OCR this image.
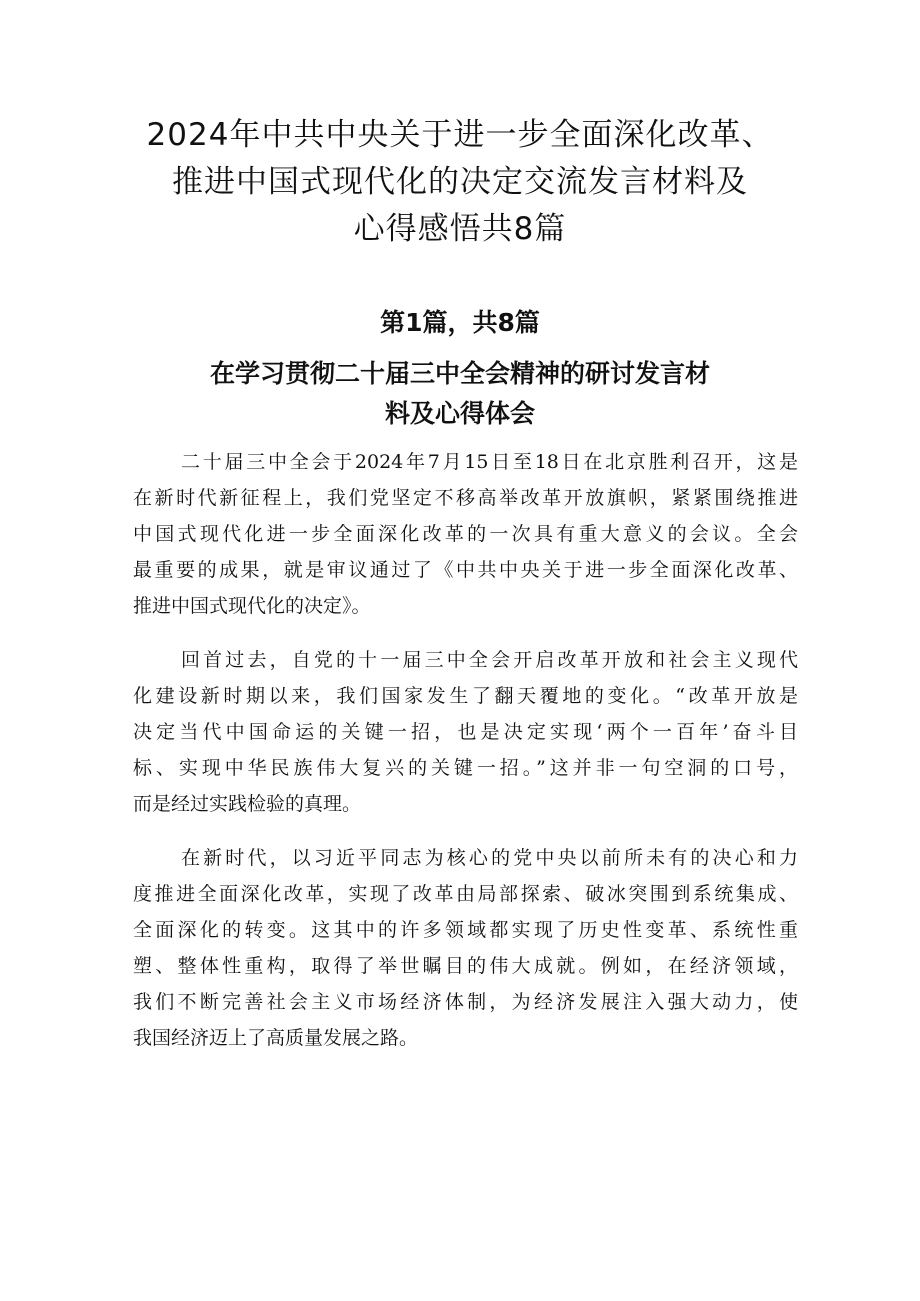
2024年中共中央关于进一步全面深化改革、
推进中国式现代化的决定交流发言材料及
心得感悟共8篇
第1篇，共8篇
在学习贯彻二十届三中全会精神的研讨发言材
料及心得体会
二十届三中全会于2024年7月15日至18日在北京胜利召开，这是
在新时代新征程上，我们党坚定不移高举改革开放旗帜，紧紧围绕推进
中国式现代化进一步全面深化改革的一次具有重大意义的会议。全会
最重要的成果，就是审议通过了《中共中央关于进一步全面深化改革、
推进中国式现代化的决定》。
回首过去，自党的十一届三中全会开启改革开放和社会主义现代
化建设新时期以来，我们国家发生了翻天覆地的变化。“改革开放是
决定当代中国命运的关键一招，也是决定实现‘两个一百年’奋斗目
标、实现中华民族伟大复兴的关键一招。”这并非一句空洞的口号，
而是经过实践检验的真理。
在新时代，以习近平同志为核心的党中央以前所未有的决心和力
度推进全面深化改革，实现了改革由局部探索、破冰突围到系统集成、
全面深化的转变。这其中的许多领域都实现了历史性变革、系统性重
塑、整体性重构，取得了举世瞩目的伟大成就。例如，在经济领域，
我们不断完善社会主义市场经济体制，为经济发展注入强大动力，使
我国经济迈上了高质量发展之路。
